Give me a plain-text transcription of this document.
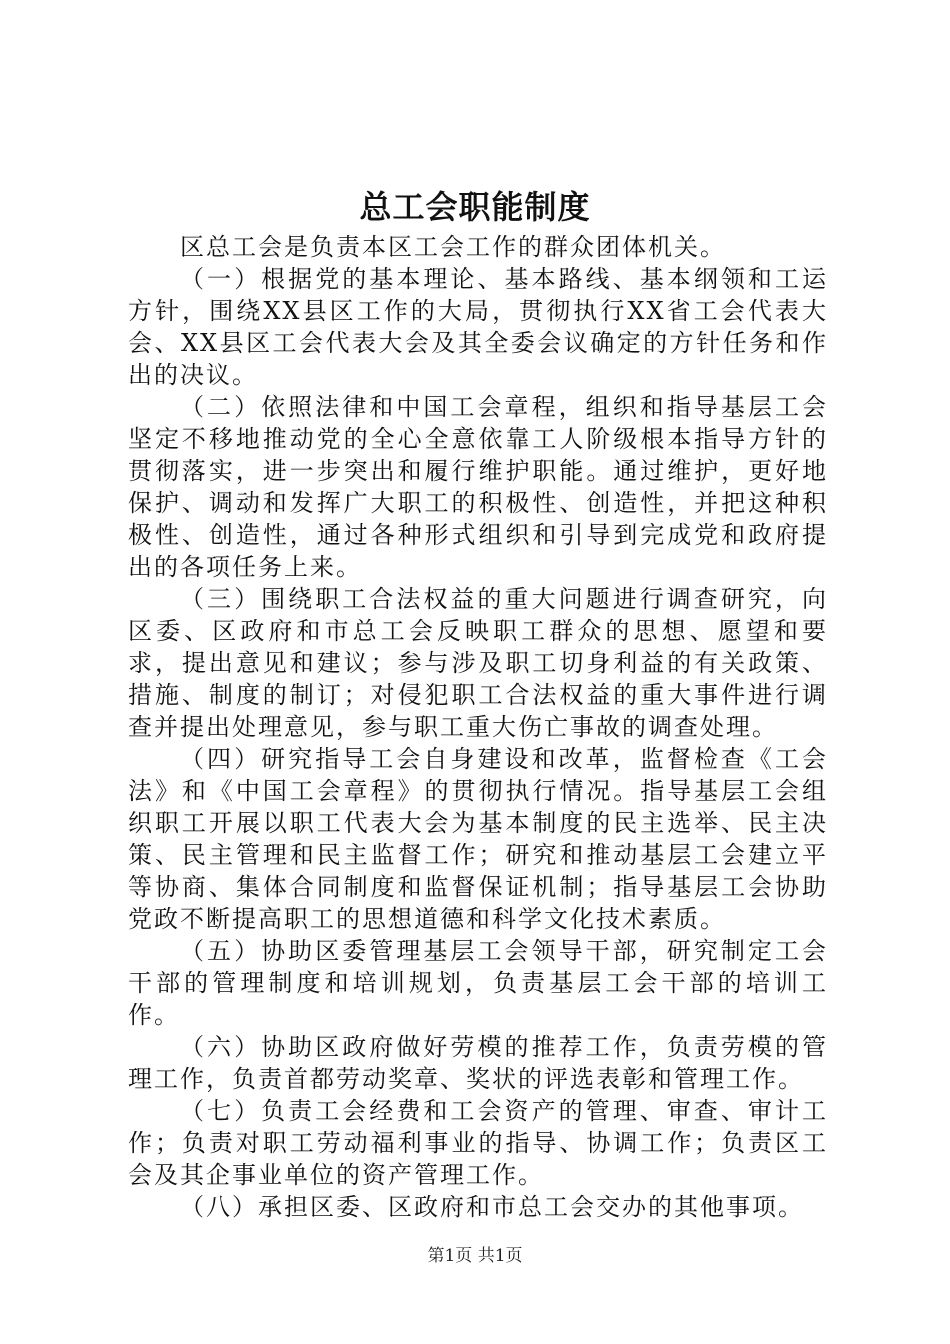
总工会职能制度

区总工会是负责本区工会工作的群众团体机关。

（一）根据党的基本理论、基本路线、基本纲领和工运方针，围绕XX县区工作的大局，贯彻执行XX省工会代表大会、XX县区工会代表大会及其全委会议确定的方针任务和作出的决议。

（二）依照法律和中国工会章程，组织和指导基层工会坚定不移地推动党的全心全意依靠工人阶级根本指导方针的贯彻落实，进一步突出和履行维护职能。通过维护，更好地保护、调动和发挥广大职工的积极性、创造性，并把这种积极性、创造性，通过各种形式组织和引导到完成党和政府提出的各项任务上来。

（三）围绕职工合法权益的重大问题进行调查研究，向区委、区政府和市总工会反映职工群众的思想、愿望和要求，提出意见和建议；参与涉及职工切身利益的有关政策、措施、制度的制订；对侵犯职工合法权益的重大事件进行调查并提出处理意见，参与职工重大伤亡事故的调查处理。

（四）研究指导工会自身建设和改革，监督检查《工会法》和《中国工会章程》的贯彻执行情况。指导基层工会组织职工开展以职工代表大会为基本制度的民主选举、民主决策、民主管理和民主监督工作；研究和推动基层工会建立平等协商、集体合同制度和监督保证机制；指导基层工会协助党政不断提高职工的思想道德和科学文化技术素质。

（五）协助区委管理基层工会领导干部，研究制定工会干部的管理制度和培训规划，负责基层工会干部的培训工作。

（六）协助区政府做好劳模的推荐工作，负责劳模的管理工作，负责首都劳动奖章、奖状的评选表彰和管理工作。

（七）负责工会经费和工会资产的管理、审查、审计工作；负责对职工劳动福利事业的指导、协调工作；负责区工会及其企事业单位的资产管理工作。

（八）承担区委、区政府和市总工会交办的其他事项。

第1页 共1页
